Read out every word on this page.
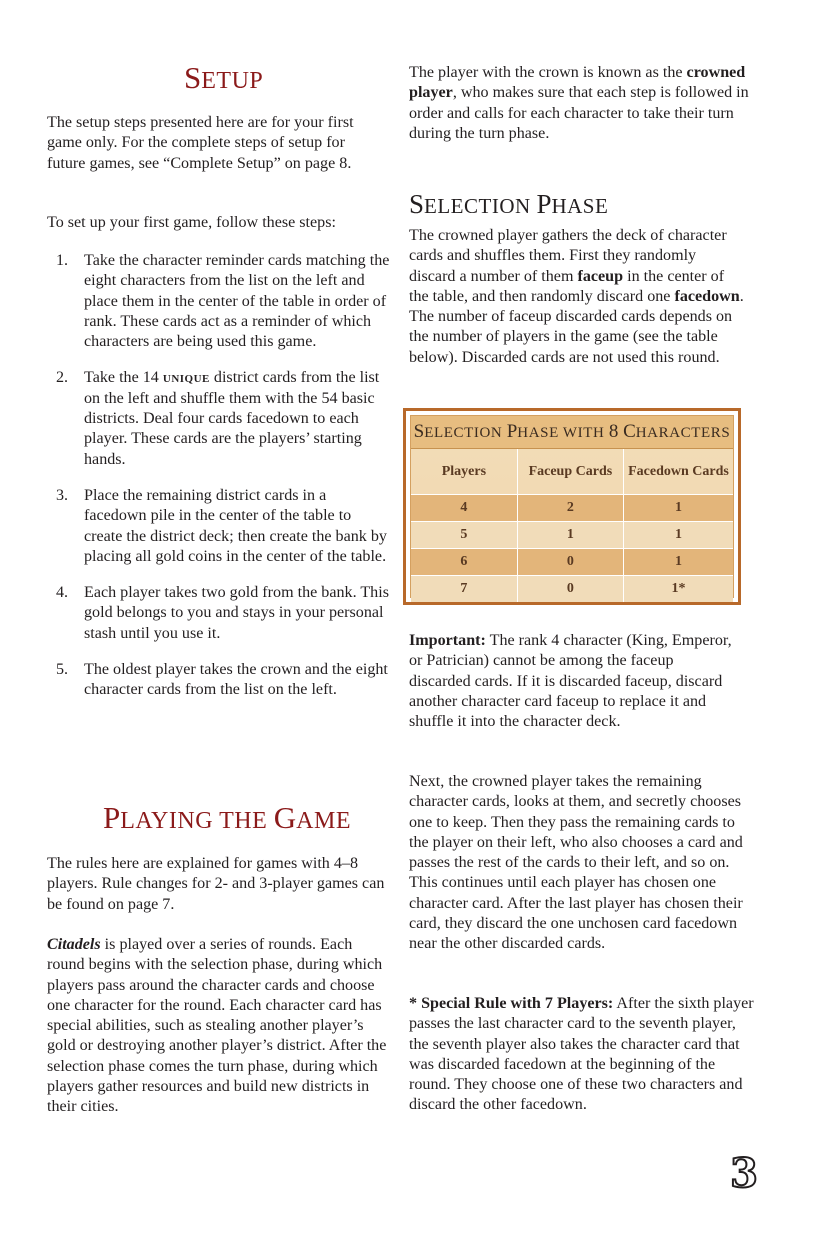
SETUP

The setup steps presented here are for your first game only. For the complete steps of setup for future games, see “Complete Setup” on page 8.

To set up your first game, follow these steps:

1. Take the character reminder cards matching the eight characters from the list on the left and place them in the center of the table in order of rank. These cards act as a reminder of which characters are being used this game.
2. Take the 14 unique district cards from the list on the left and shuffle them with the 54 basic districts. Deal four cards facedown to each player. These cards are the players’ starting hands.
3. Place the remaining district cards in a facedown pile in the center of the table to create the district deck; then create the bank by placing all gold coins in the center of the table.
4. Each player takes two gold from the bank. This gold belongs to you and stays in your personal stash until you use it.
5. The oldest player takes the crown and the eight character cards from the list on the left.
PLAYING THE GAME

The rules here are explained for games with 4–8 players. Rule changes for 2- and 3-player games can be found on page 7.

Citadels is played over a series of rounds. Each round begins with the selection phase, during which players pass around the character cards and choose one character for the round. Each character card has special abilities, such as stealing another player’s gold or destroying another player’s district. After the selection phase comes the turn phase, during which players gather resources and build new districts in their cities.

The player with the crown is known as the crowned player, who makes sure that each step is followed in order and calls for each character to take their turn during the turn phase.

SELECTION PHASE

The crowned player gathers the deck of character cards and shuffles them. First they randomly discard a number of them faceup in the center of the table, and then randomly discard one facedown. The number of faceup discarded cards depends on the number of players in the game (see the table below). Discarded cards are not used this round.

SELECTION PHASE WITH 8 CHARACTERS
Players	Faceup Cards	Facedown Cards
4	2	1
5	1	1
6	0	1
7	0	1*

Important: The rank 4 character (King, Emperor, or Patrician) cannot be among the faceup discarded cards. If it is discarded faceup, discard another character card faceup to replace it and shuffle it into the character deck.

Next, the crowned player takes the remaining character cards, looks at them, and secretly chooses one to keep. Then they pass the remaining cards to the player on their left, who also chooses a card and passes the rest of the cards to their left, and so on. This continues until each player has chosen one character card. After the last player has chosen their card, they discard the one unchosen card facedown near the other discarded cards.

* Special Rule with 7 Players: After the sixth player passes the last character card to the seventh player, the seventh player also takes the character card that was discarded facedown at the beginning of the round. They choose one of these two characters and discard the other facedown.

3
